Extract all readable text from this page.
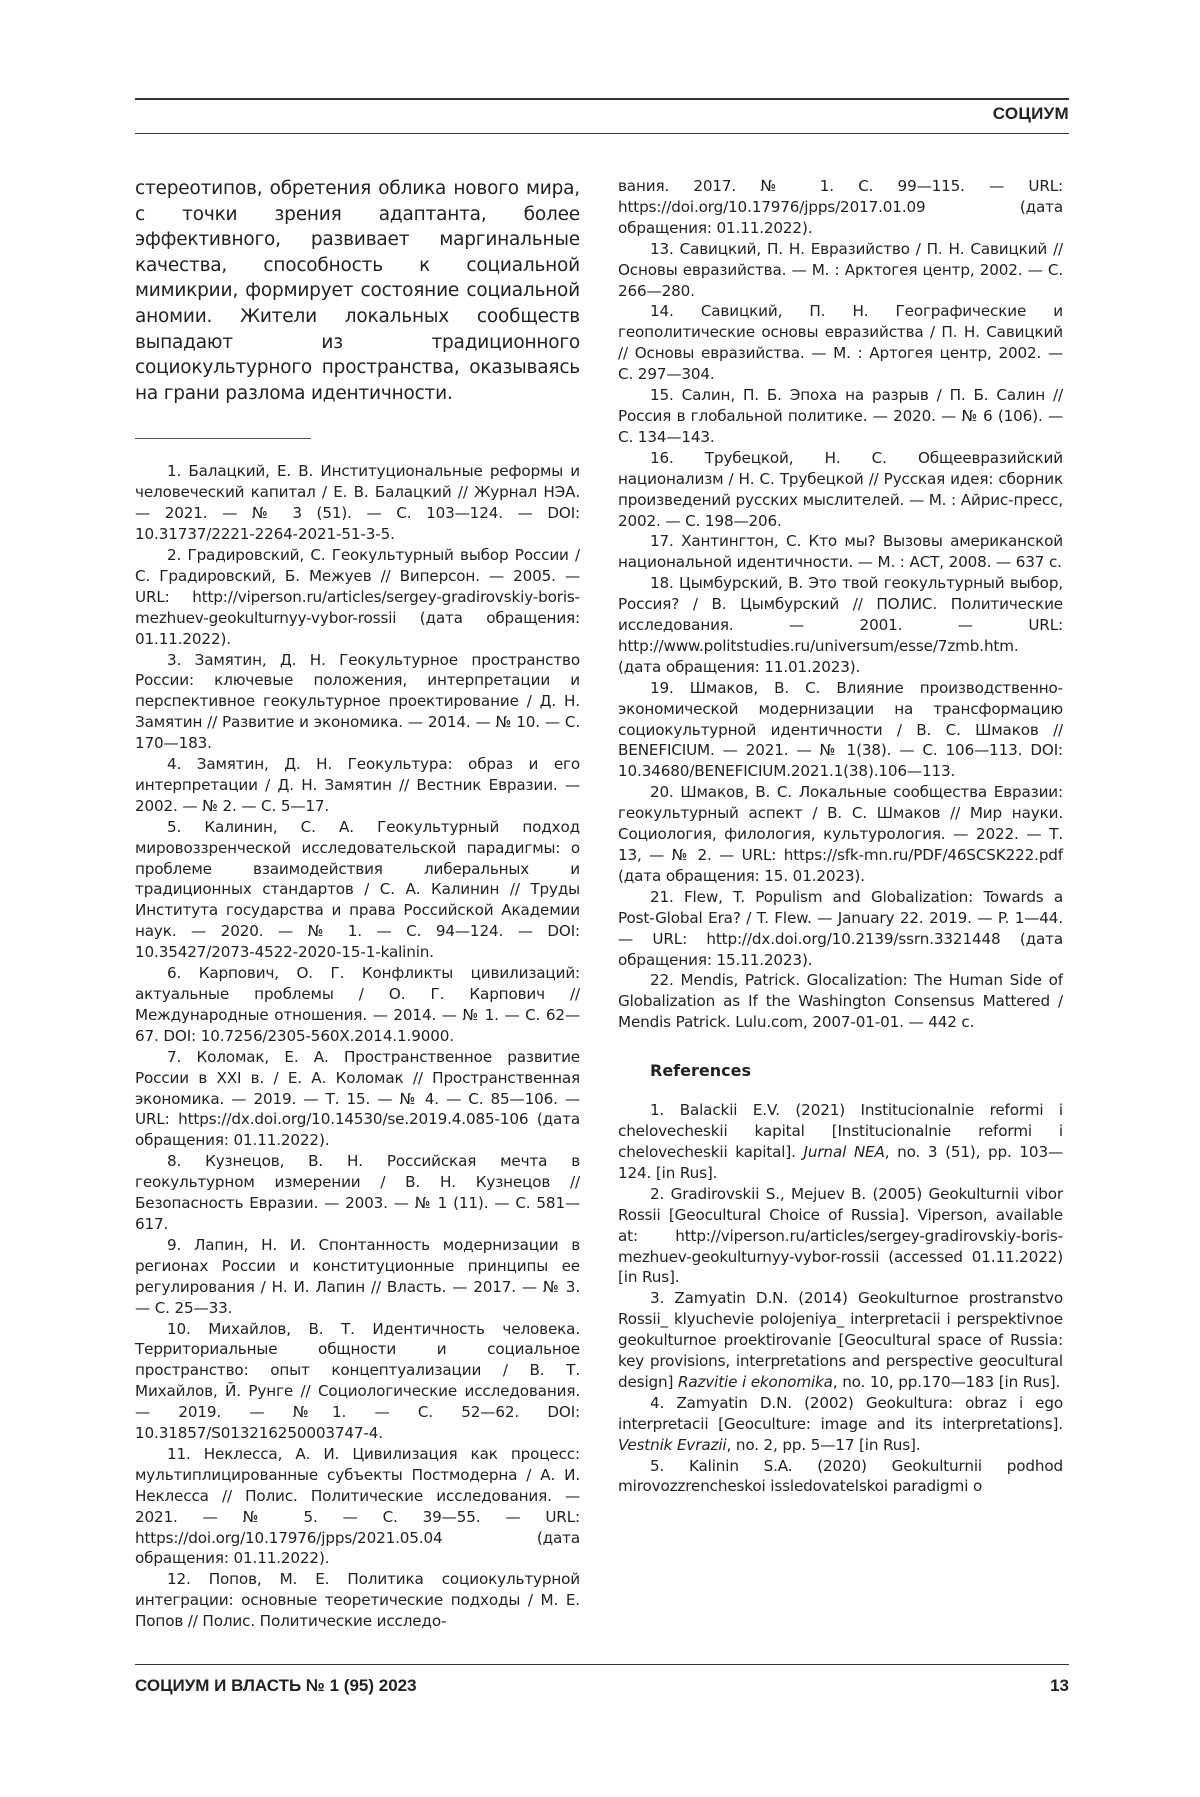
СОЦИУМ

стереотипов, обретения облика нового мира, с точки зрения адаптанта, более эффективного, развивает маргинальные качества, способность к социальной мимикрии, формирует состояние социальной аномии. Жители локальных сообществ выпадают из традиционного социокультурного пространства, оказываясь на грани разлома идентичности.

1. Балацкий, Е. В. Институциональные реформы и человеческий капитал / Е. В. Балацкий // Журнал НЭА. — 2021. — № 3 (51). — С. 103—124. — DOI: 10.31737/2221-2264-2021-51-3-5.

2. Градировский, С. Геокультурный выбор России / С. Градировский, Б. Межуев // Виперсон. — 2005. — URL: http://viperson.ru/articles/sergey-gradirovskiy-boris-mezhuev-geokulturnyy-vybor-rossii (дата обращения: 01.11.2022).

3. Замятин, Д. Н. Геокультурное пространство России: ключевые положения, интерпретации и перспективное геокультурное проектирование / Д. Н. Замятин // Развитие и экономика. — 2014. — № 10. — С. 170—183.

4. Замятин, Д. Н. Геокультура: образ и его интерпретации / Д. Н. Замятин // Вестник Евразии. — 2002. — № 2. — С. 5—17.

5. Калинин, С. А. Геокультурный подход мировоззренческой исследовательской парадигмы: о проблеме взаимодействия либеральных и традиционных стандартов / С. А. Калинин // Труды Института государства и права Российской Академии наук. — 2020. — № 1. — С. 94—124. — DOI: 10.35427/2073-4522-2020-15-1-kalinin.

6. Карпович, О. Г. Конфликты цивилизаций: актуальные проблемы / О. Г. Карпович // Международные отношения. — 2014. — № 1. — С. 62—67. DOI: 10.7256/2305-560X.2014.1.9000.

7. Коломак, Е. А. Пространственное развитие России в XXI в. / Е. А. Коломак // Пространственная экономика. — 2019. — Т. 15. — № 4. — С. 85—106. — URL: https://dx.doi.org/10.14530/se.2019.4.085-106 (дата обращения: 01.11.2022).

8. Кузнецов, В. Н. Российская мечта в геокультурном измерении / В. Н. Кузнецов // Безопасность Евразии. — 2003. — № 1 (11). — С. 581—617.

9. Лапин, Н. И. Спонтанность модернизации в регионах России и конституционные принципы ее регулирования / Н. И. Лапин // Власть. — 2017. — № 3. — С. 25—33.

10. Михайлов, В. Т. Идентичность человека. Территориальные общности и социальное пространство: опыт концептуализации / В. Т. Михайлов, Й. Рунге // Социологические исследования. — 2019. — №1. — С. 52—62. DOI: 10.31857/S013216250003747-4.

11. Неклесса, А. И. Цивилизация как процесс: мультиплицированные субъекты Постмодерна / А. И. Неклесса // Полис. Политические исследования. — 2021. — № 5. — С. 39—55. — URL: https://doi.org/10.17976/jpps/2021.05.04 (дата обращения: 01.11.2022).

12. Попов, М. Е. Политика социокультурной интеграции: основные теоретические подходы / М. Е. Попов // Полис. Политические исследо-

вания. 2017. № 1. С. 99—115. — URL: https://doi.org/10.17976/jpps/2017.01.09 (дата обращения: 01.11.2022).

13. Савицкий, П. Н. Евразийство / П. Н. Савицкий // Основы евразийства. — М. : Арктогея центр, 2002. — С. 266—280.

14. Савицкий, П. Н. Географические и геополитические основы евразийства / П. Н. Савицкий // Основы евразийства. — М. : Артогея центр, 2002. — С. 297—304.

15. Салин, П. Б. Эпоха на разрыв / П. Б. Салин // Россия в глобальной политике. — 2020. — № 6 (106). — С. 134—143.

16. Трубецкой, Н. С. Общеевразийский национализм / Н. С. Трубецкой // Русская идея: сборник произведений русских мыслителей. — М. : Айрис-пресс, 2002. — С. 198—206.

17. Хантингтон, С. Кто мы? Вызовы американской национальной идентичности. — М. : АСТ, 2008. — 637 с.

18. Цымбурский, В. Это твой геокультурный выбор, Россия? / В. Цымбурский // ПОЛИС. Политические исследования. — 2001. — URL: http://www.politstudies.ru/universum/esse/7zmb.htm. (дата обращения: 11.01.2023).

19. Шмаков, В. С. Влияние производственно-экономической модернизации на трансформацию социокультурной идентичности / В. С. Шмаков // BENEFICIUM. — 2021. — № 1(38). — С. 106—113. DOI: 10.34680/BENEFICIUM.2021.1(38).106—113.

20. Шмаков, В. С. Локальные сообщества Евразии: геокультурный аспект / В. С. Шмаков // Мир науки. Социология, филология, культурология. — 2022. — Т. 13, — № 2. — URL: https://sfk-mn.ru/PDF/46SCSK222.pdf (дата обращения: 15. 01.2023).

21. Flew, T. Populism and Globalization: Towards a Post-Global Era? / T. Flew. — January 22. 2019. — P. 1—44. — URL: http://dx.doi.org/10.2139/ssrn.3321448 (дата обращения: 15.11.2023).

22. Mendis, Patrick. Glocalization: The Human Side of Globalization as If the Washington Consensus Mattered / Mendis Patrick. Lulu.com, 2007-01-01. — 442 с.

References

1. Balackii E.V. (2021) Institucionalnie reformi i chelovecheskii kapital [Institucionalnie reformi i chelovecheskii kapital]. Jurnal NEA, no. 3 (51), pp. 103—124. [in Rus].

2. Gradirovskii S., Mejuev B. (2005) Geokulturnii vibor Rossii [Geocultural Choice of Russia]. Viperson, available at: http://viperson.ru/articles/sergey-gradirovskiy-boris-mezhuev-geokulturnyy-vybor-rossii (accessed 01.11.2022) [in Rus].

3. Zamyatin D.N. (2014) Geokulturnoe prostranstvo Rossii_ klyuchevie polojeniya_ interpretacii i perspektivnoe geokulturnoe proektirovanie [Geocultural space of Russia: key provisions, interpretations and perspective geocultural design] Razvitie i ekonomika, no. 10, pp.170—183 [in Rus].

4. Zamyatin D.N. (2002) Geokultura: obraz i ego interpretacii [Geoculture: image and its interpretations]. Vestnik Evrazii, no. 2, pp. 5—17 [in Rus].

5. Kalinin S.A. (2020) Geokulturnii podhod mirovozzrencheskoi issledovatelskoi paradigmi o

СОЦИУМ И ВЛАСТЬ № 1 (95) 2023	13
